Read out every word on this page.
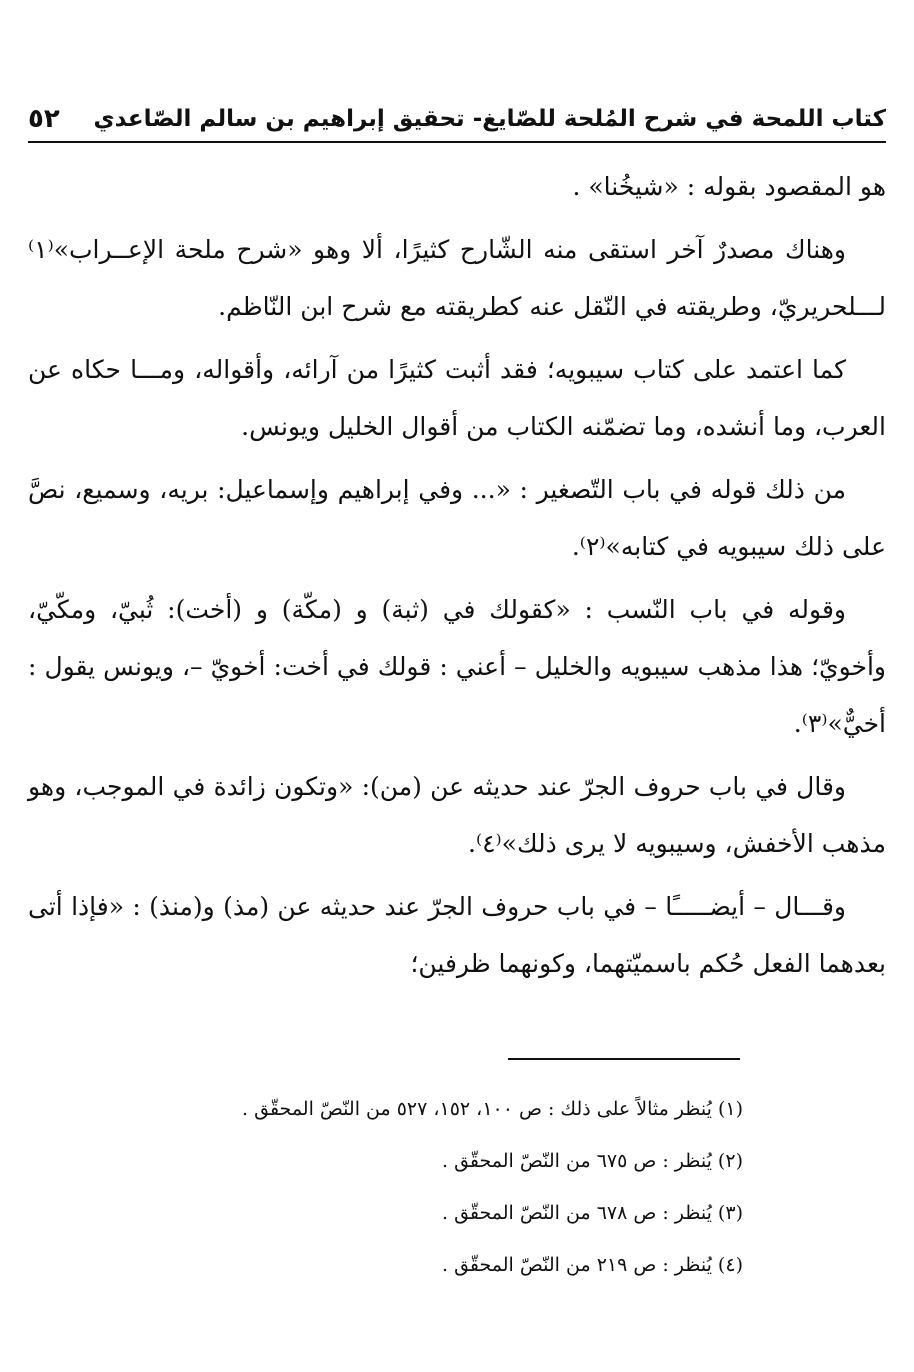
كتاب اللمحة في شرح المُلحة للصّايغ- تحقيق إبراهيم بن سالم الصّاعدي
٥٢

هو المقصود بقوله : «شيخُنا» .

وهناك مصدرٌ آخر استقى منه الشّارح كثيرًا، ألا وهو «شرح ملحة الإعــراب»⁽١⁾ لـــلحريريّ، وطريقته في النّقل عنه كطريقته مع شرح ابن النّاظم.

كما اعتمد على كتاب سيبويه؛ فقد أثبت كثيرًا من آرائه، وأقواله، ومـــا حكاه عن العرب، وما أنشده، وما تضمّنه الكتاب من أقوال الخليل ويونس.

من ذلك قوله في باب التّصغير : «... وفي إبراهيم وإسماعيل: بريه، وسميع، نصَّ على ذلك سيبويه في كتابه»⁽٢⁾.

وقوله في باب النّسب : «كقولك في (ثبة) و (مكّة) و (أخت): ثُبيّ، ومكّيّ، وأخويّ؛ هذا مذهب سيبويه والخليل – أعني : قولك في أخت: أخويّ –، ويونس يقول : أخيٌّ»⁽٣⁾.

وقال في باب حروف الجرّ عند حديثه عن (من): «وتكون زائدة في الموجب، وهو مذهب الأخفش، وسيبويه لا يرى ذلك»⁽٤⁾.

وقـــال – أيضـــــًا – في باب حروف الجرّ عند حديثه عن (مذ) و(منذ) : «فإذا أتى بعدهما الفعل حُكم باسميّتهما، وكونهما ظرفين؛

(١) يُنظر مثالاً على ذلك : ص ١٠٠، ١٥٢، ٥٢٧ من النّصّ المحقّق .
(٢) يُنظر : ص ٦٧٥ من النّصّ المحقّق .
(٣) يُنظر : ص ٦٧٨ من النّصّ المحقّق .
(٤) يُنظر : ص ٢١٩ من النّصّ المحقّق .
